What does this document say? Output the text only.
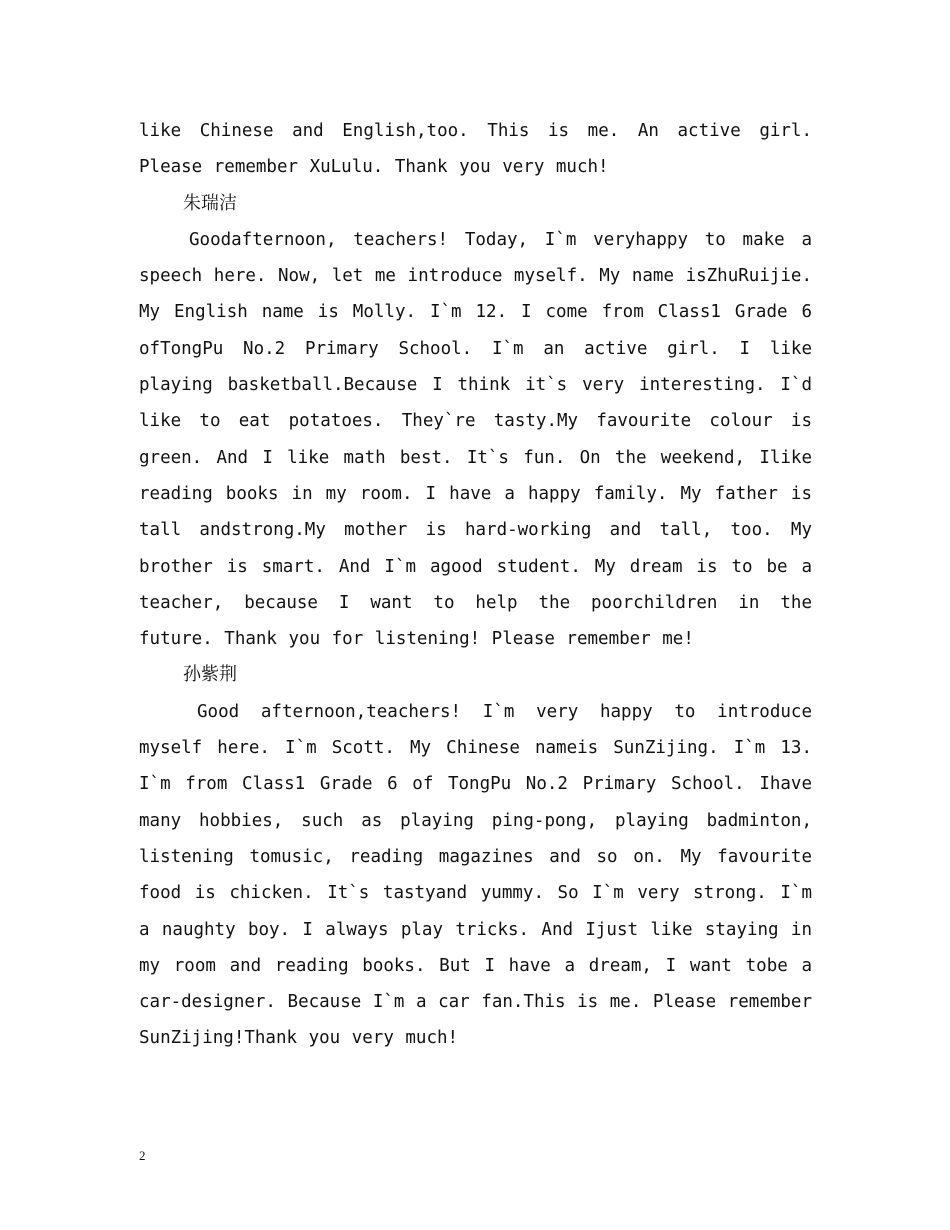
like Chinese and English,too. This is me. An active girl. Please remember XuLulu. Thank you very much!

朱瑞洁

Goodafternoon, teachers! Today, I`m veryhappy to make a speech here. Now, let me introduce myself. My name isZhuRuijie. My English name is Molly. I`m 12. I come from Class1 Grade 6 ofTongPu No.2 Primary School. I`m an active girl. I like playing basketball.Because I think it`s very interesting. I`d like to eat potatoes. They`re tasty.My favourite colour is green. And I like math best. It`s fun. On the weekend, Ilike reading books in my room. I have a happy family. My father is tall andstrong.My mother is hard-working and tall, too. My brother is smart. And I`m agood student. My dream is to be a teacher, because I want to help the poorchildren in the future. Thank you for listening! Please remember me!

孙紫荆

Good afternoon,teachers! I`m very happy to introduce myself here. I`m Scott. My Chinese nameis SunZijing. I`m 13. I`m from Class1 Grade 6 of TongPu No.2 Primary School. Ihave many hobbies, such as playing ping-pong, playing badminton, listening tomusic, reading magazines and so on. My favourite food is chicken. It`s tastyand yummy. So I`m very strong. I`m a naughty boy. I always play tricks. And Ijust like staying in my room and reading books. But I have a dream, I want tobe a car-designer. Because I`m a car fan.This is me. Please remember SunZijing!Thank you very much!

2
